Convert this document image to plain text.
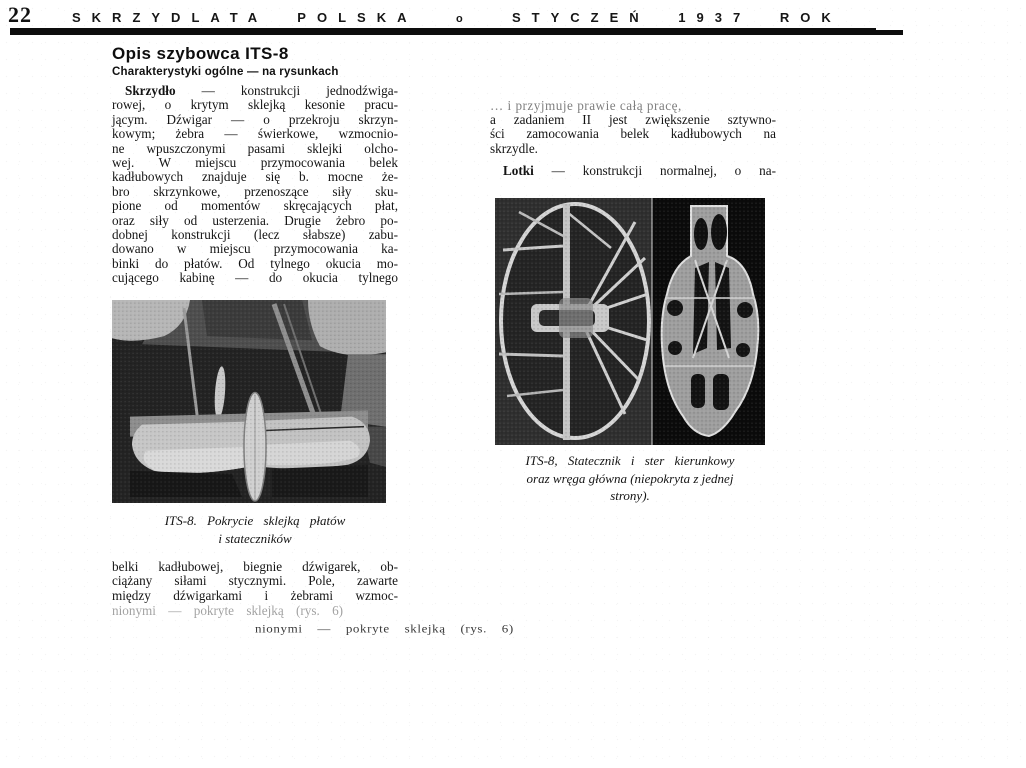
22	SKRZYDLATA POLSKA	o	STYCZEŃ 1937 ROK
Opis szybowca ITS-8
Charakterystyki ogólne — na rysunkach
Skrzydło — konstrukcji jednodźwiga-
rowej, o krytym sklejką kesonie pracu-
jącym. Dźwigar — o przekroju skrzyn-
kowym; żebra — świerkowe, wzmocnio-
ne wpuszczonymi pasami sklejki olcho-
wej. W miejscu przymocowania belek
kadłubowych znajduje się b. mocne że-
bro skrzynkowe, przenoszące siły sku-
pione od momentów skręcających płat,
oraz siły od usterzenia. Drugie żebro po-
dobnej konstrukcji (lecz słabsze) zabu-
dowano w miejscu przymocowania ka-
binki do płatów. Od tylnego okucia mo-
cującego kabinę — do okucia tylnego
ITS-8. Pokrycie sklejką płatów
i stateczników
belki kadłubowej, biegnie dźwigarek, ob-
ciążany siłami stycznymi. Pole, zawarte
między dźwigarkami i żebrami wzmoc-
nionymi — pokryte sklejką (rys. 6)
nionymi — pokryte sklejką (rys. 6)
… i przyjmuje prawie całą pracę,
a zadaniem II jest zwiększenie sztywno-
ści zamocowania belek kadłubowych na
skrzydle.
Lotki — konstrukcji normalnej, o na-
ITS-8, Statecznik i ster kierunkowy
oraz wręga główna (niepokryta z jednej
strony).
